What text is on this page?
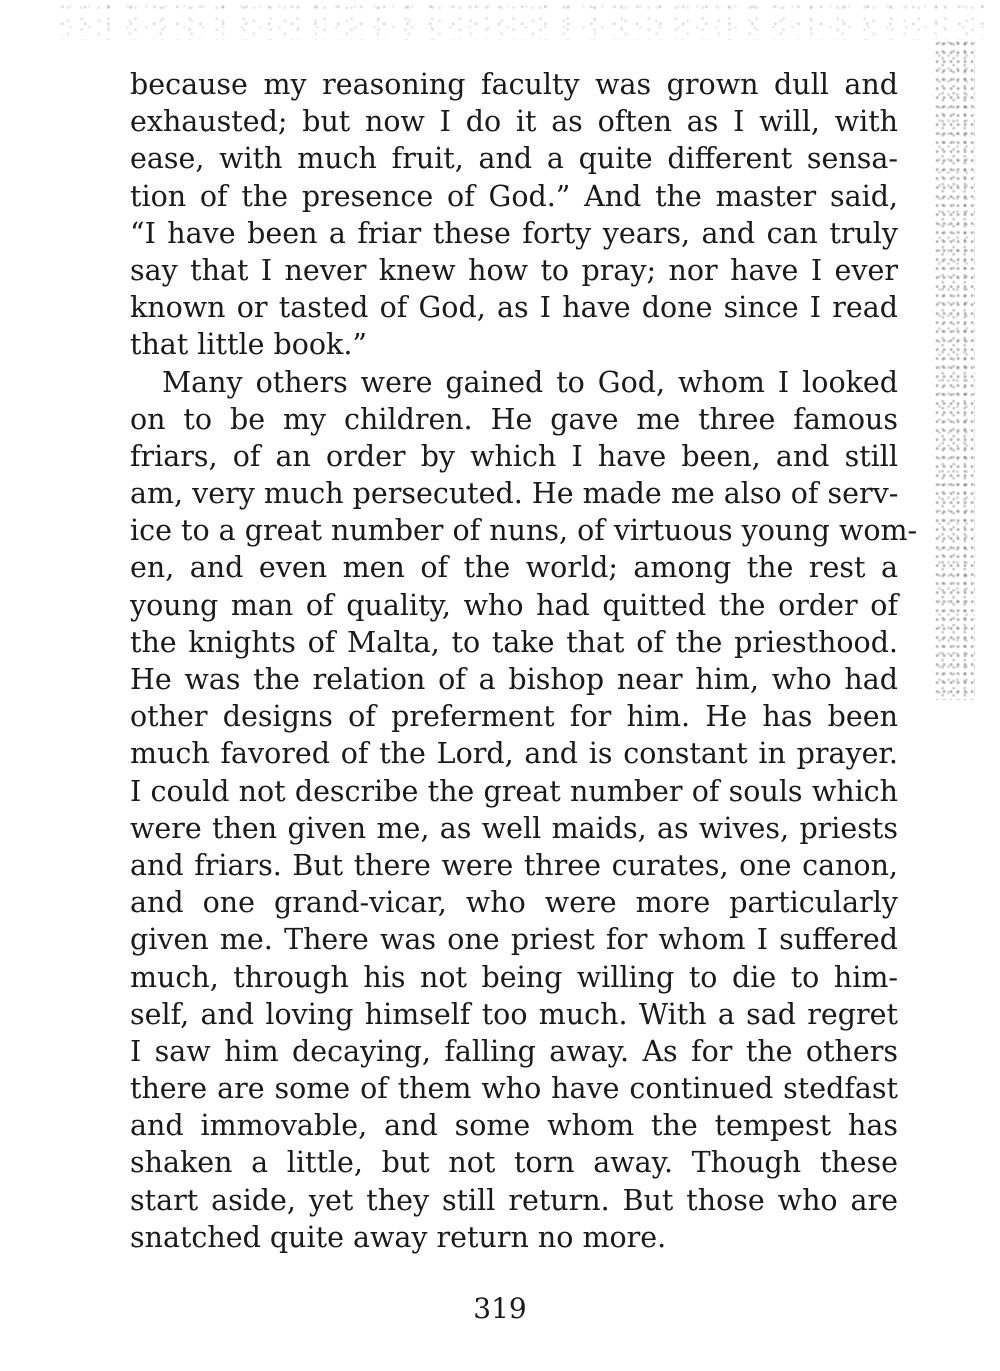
because my reasoning faculty was grown dull and
exhausted; but now I do it as often as I will, with
ease, with much fruit, and a quite different sensa-
tion of the presence of God.” And the master said,
“I have been a friar these forty years, and can truly
say that I never knew how to pray; nor have I ever
known or tasted of God, as I have done since I read
that little book.”
Many others were gained to God, whom I looked
on to be my children. He gave me three famous
friars, of an order by which I have been, and still
am, very much persecuted. He made me also of serv-
ice to a great number of nuns, of virtuous young wom-
en, and even men of the world; among the rest a
young man of quality, who had quitted the order of
the knights of Malta, to take that of the priesthood.
He was the relation of a bishop near him, who had
other designs of preferment for him. He has been
much favored of the Lord, and is constant in prayer.
I could not describe the great number of souls which
were then given me, as well maids, as wives, priests
and friars. But there were three curates, one canon,
and one grand-vicar, who were more particularly
given me. There was one priest for whom I suffered
much, through his not being willing to die to him-
self, and loving himself too much. With a sad regret
I saw him decaying, falling away. As for the others
there are some of them who have continued stedfast
and immovable, and some whom the tempest has
shaken a little, but not torn away. Though these
start aside, yet they still return. But those who are
snatched quite away return no more.
319
